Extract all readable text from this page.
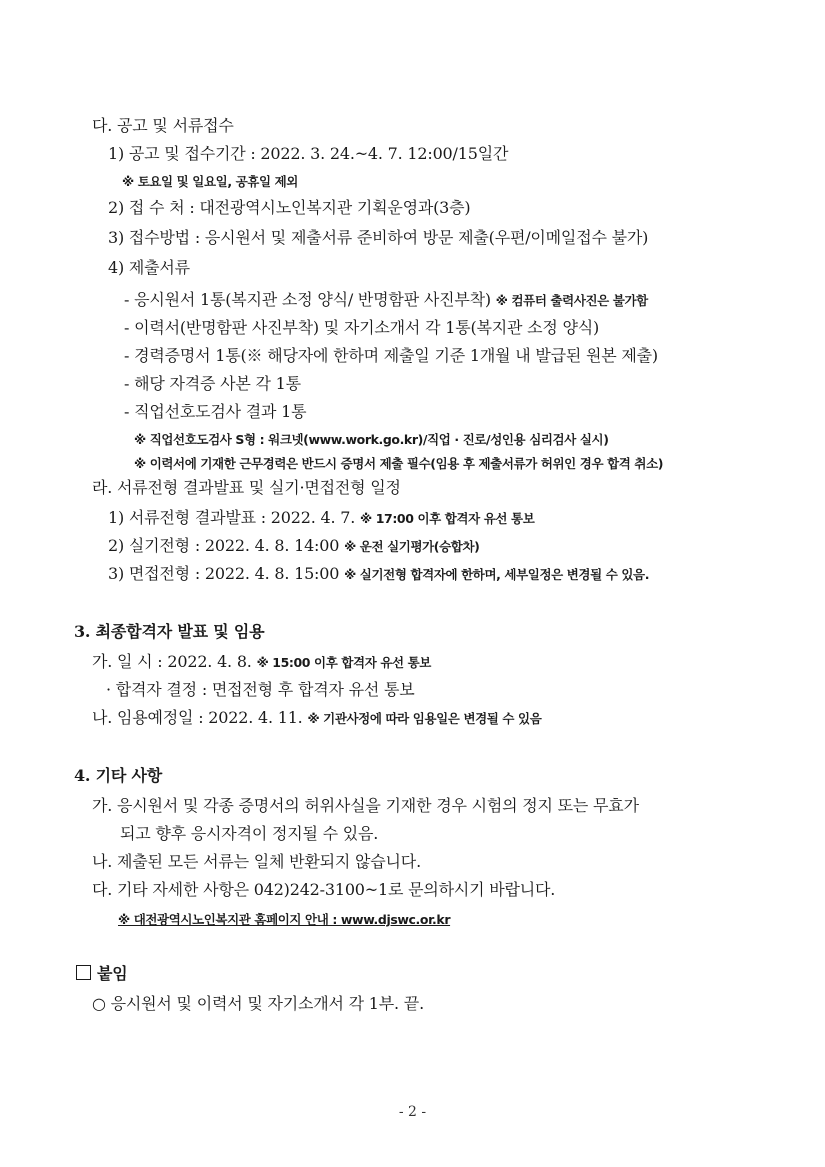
다. 공고 및 서류접수
1) 공고 및 접수기간 : 2022. 3. 24.~4. 7. 12:00/15일간
※ 토요일 및 일요일, 공휴일 제외
2) 접 수 처 : 대전광역시노인복지관 기획운영과(3층)
3) 접수방법 : 응시원서 및 제출서류 준비하여 방문 제출(우편/이메일접수 불가)
4) 제출서류
- 응시원서 1통(복지관 소정 양식/ 반명함판 사진부착) ※ 컴퓨터 출력사진은 불가함
- 이력서(반명함판 사진부착) 및 자기소개서 각 1통(복지관 소정 양식)
- 경력증명서 1통(※ 해당자에 한하며 제출일 기준 1개월 내 발급된 원본 제출)
- 해당 자격증 사본 각 1통
- 직업선호도검사 결과 1통
※ 직업선호도검사 S형 : 워크넷(www.work.go.kr)/직업 · 진로/성인용 심리검사 실시)
※ 이력서에 기재한 근무경력은 반드시 증명서 제출 필수(임용 후 제출서류가 허위인 경우 합격 취소)
라. 서류전형 결과발표 및 실기·면접전형 일정
1) 서류전형 결과발표 : 2022. 4. 7. ※ 17:00 이후 합격자 유선 통보
2) 실기전형 : 2022. 4. 8. 14:00 ※ 운전 실기평가(승합차)
3) 면접전형 : 2022. 4. 8. 15:00 ※ 실기전형 합격자에 한하며, 세부일정은 변경될 수 있음.
3. 최종합격자 발표 및 임용
가. 일 시 : 2022. 4. 8. ※ 15:00 이후 합격자 유선 통보
· 합격자 결정 : 면접전형 후 합격자 유선 통보
나. 임용예정일 : 2022. 4. 11. ※ 기관사정에 따라 임용일은 변경될 수 있음
4. 기타 사항
가. 응시원서 및 각종 증명서의 허위사실을 기재한 경우 시험의 정지 또는 무효가
되고 향후 응시자격이 정지될 수 있음.
나. 제출된 모든 서류는 일체 반환되지 않습니다.
다. 기타 자세한 사항은 042)242-3100~1로 문의하시기 바랍니다.
※ 대전광역시노인복지관 홈페이지 안내 : www.djswc.or.kr
붙임
○ 응시원서 및 이력서 및 자기소개서 각 1부. 끝.
- 2 -
